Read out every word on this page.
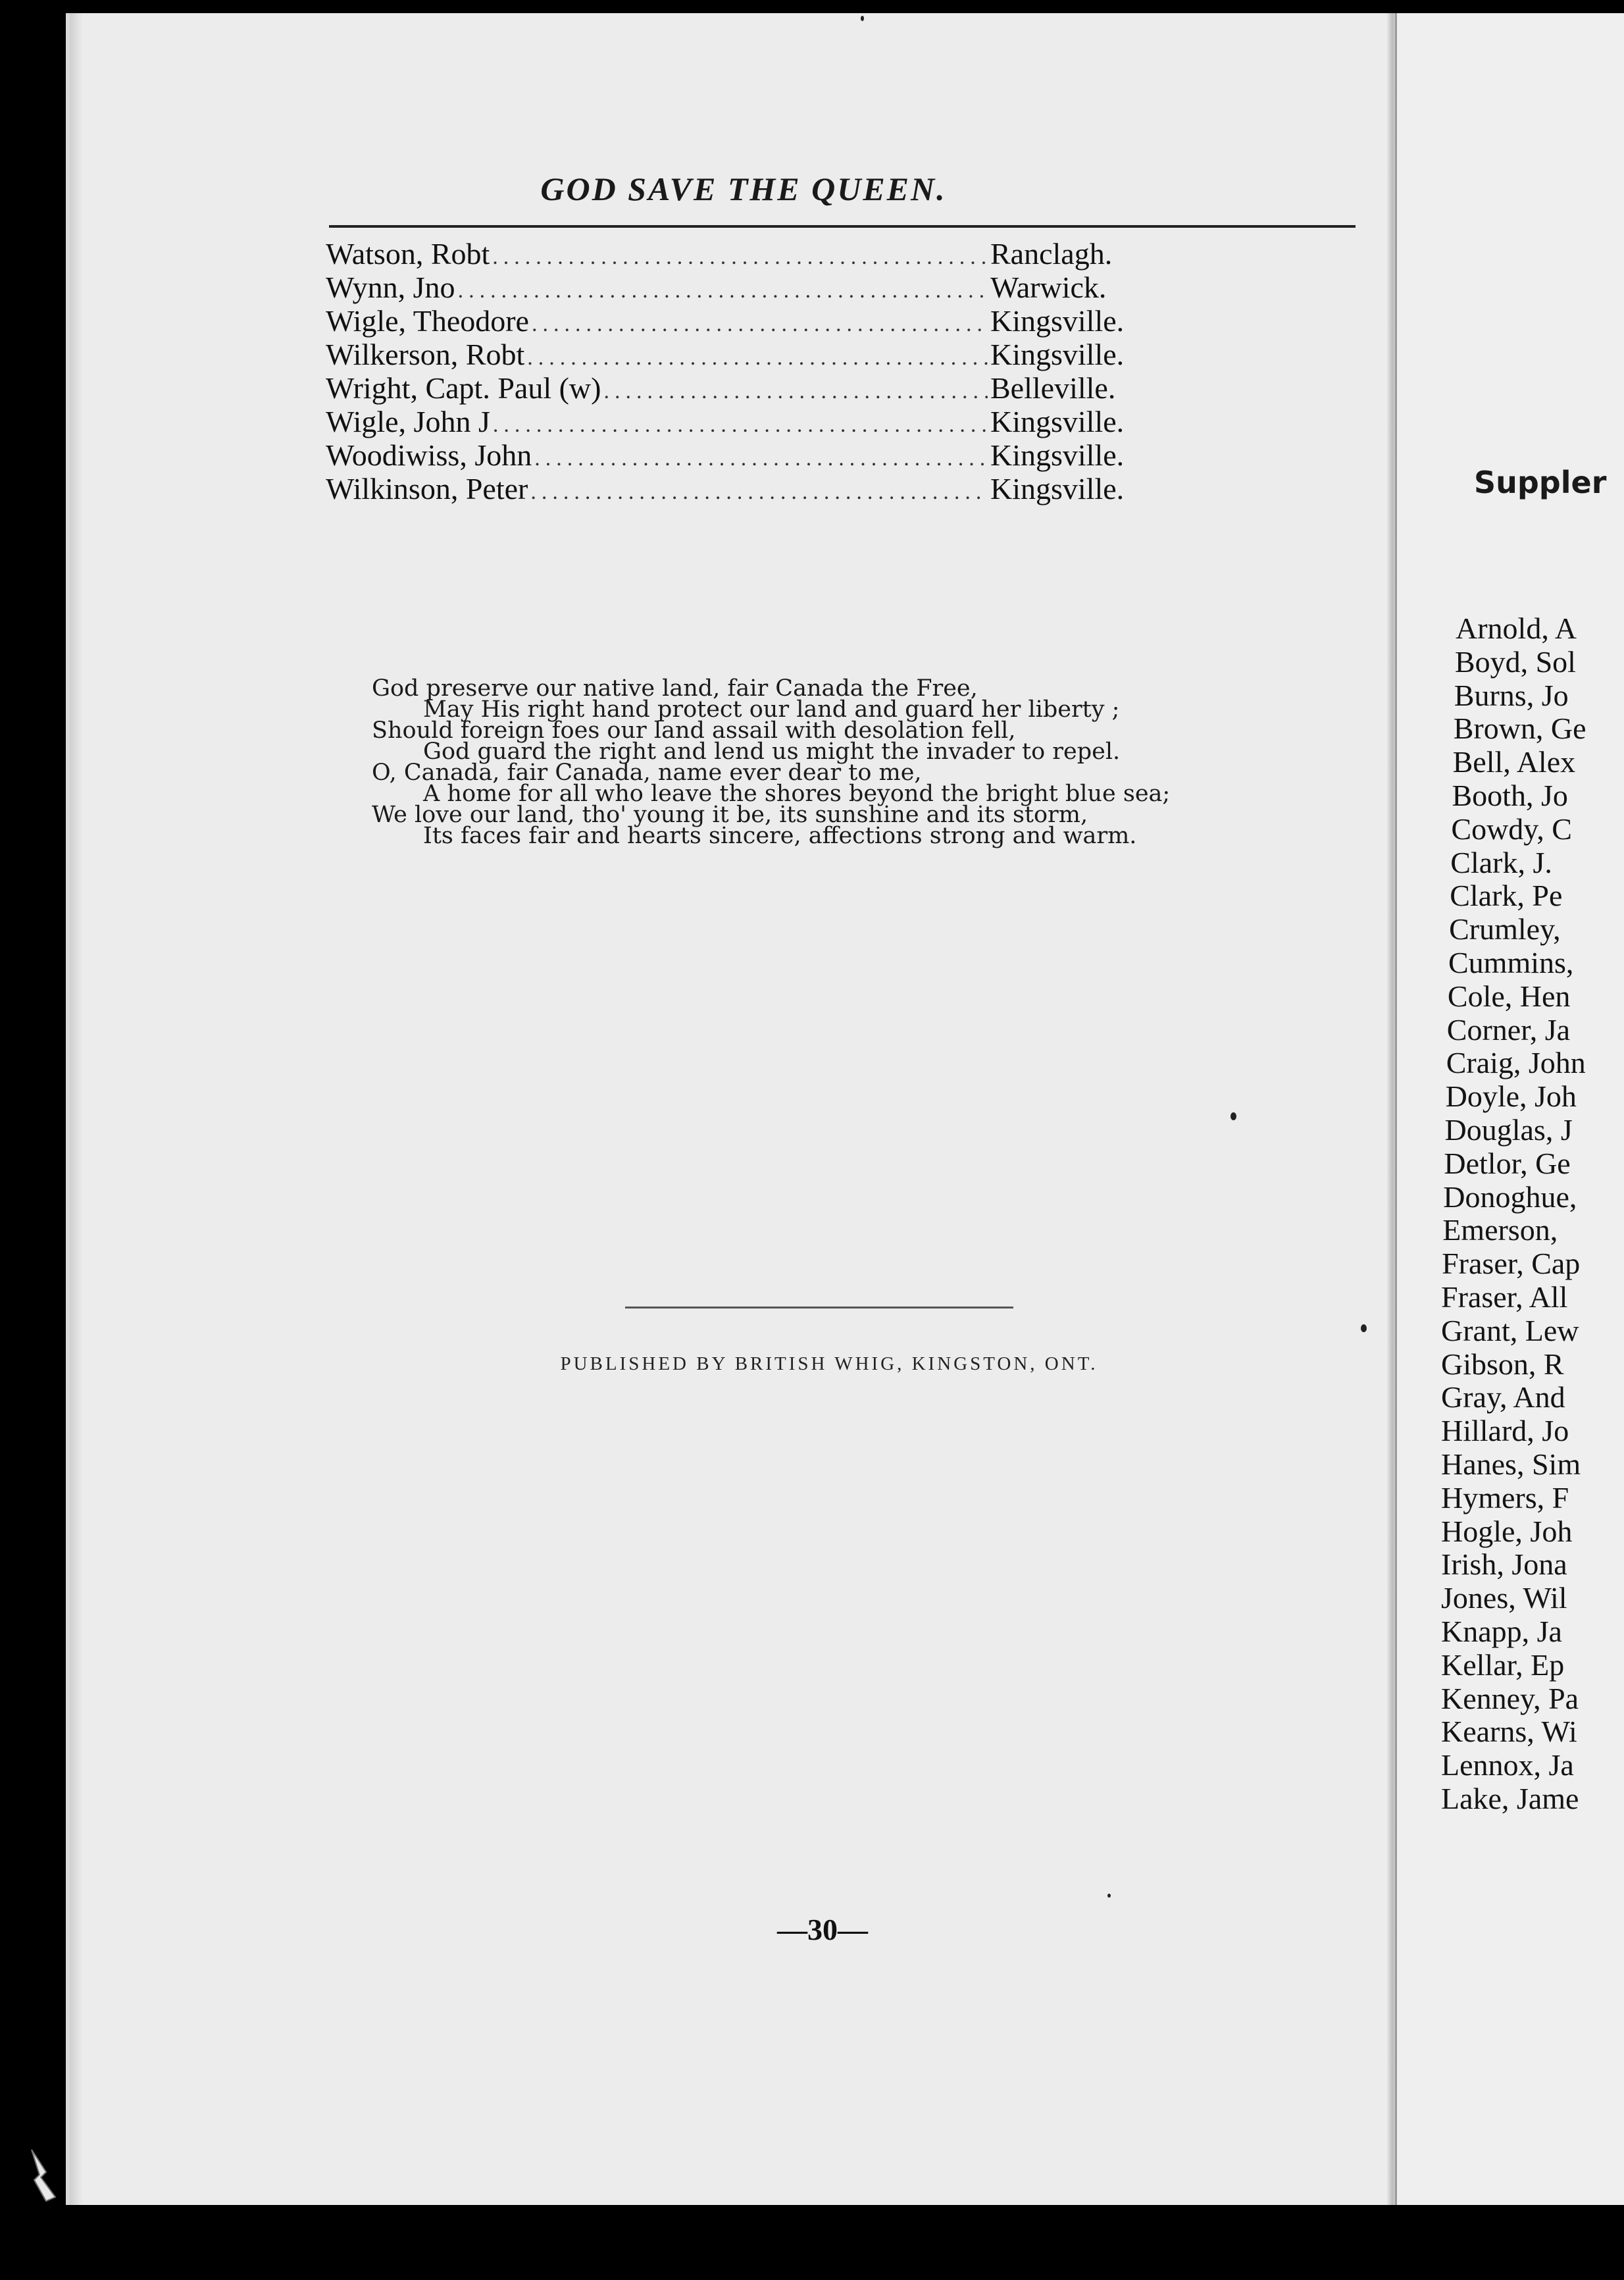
GOD SAVE THE QUEEN.
Watson, Robt .....	Ranclagh.
Wynn, Jno .....	Warwick.
Wigle, Theodore .....	Kingsville.
Wilkerson, Robt .....	Kingsville.
Wright, Capt. Paul (w) .....	Belleville.
Wigle, John J .....	Kingsville.
Woodiwiss, John .....	Kingsville.
Wilkinson, Peter .....	Kingsville.
God preserve our native land, fair Canada the Free,
May His right hand protect our land and guard her liberty ;
Should foreign foes our land assail with desolation fell,
God guard the right and lend us might the invader to repel.
O, Canada, fair Canada, name ever dear to me,
A home for all who leave the shores beyond the bright blue sea;
We love our land, tho' young it be, its sunshine and its storm,
Its faces fair and hearts sincere, affections strong and warm.
PUBLISHED BY BRITISH WHIG, KINGSTON, ONT.
—30—
Suppler
Arnold, A
Boyd, Sol
Burns, Jo
Brown, Ge
Bell, Alex
Booth, Jo
Cowdy, C
Clark, J.
Clark, Pe
Crumley,
Cummins,
Cole, Hen
Corner, Ja
Craig, John
Doyle, Joh
Douglas, J
Detlor, Ge
Donoghue,
Emerson,
Fraser, Cap
Fraser, All
Grant, Lew
Gibson, R
Gray, And
Hillard, Jo
Hanes, Sim
Hymers, F
Hogle, Joh
Irish, Jona
Jones, Wil
Knapp, Ja
Kellar, Ep
Kenney, Pa
Kearns, Wi
Lennox, Ja
Lake, Jame
